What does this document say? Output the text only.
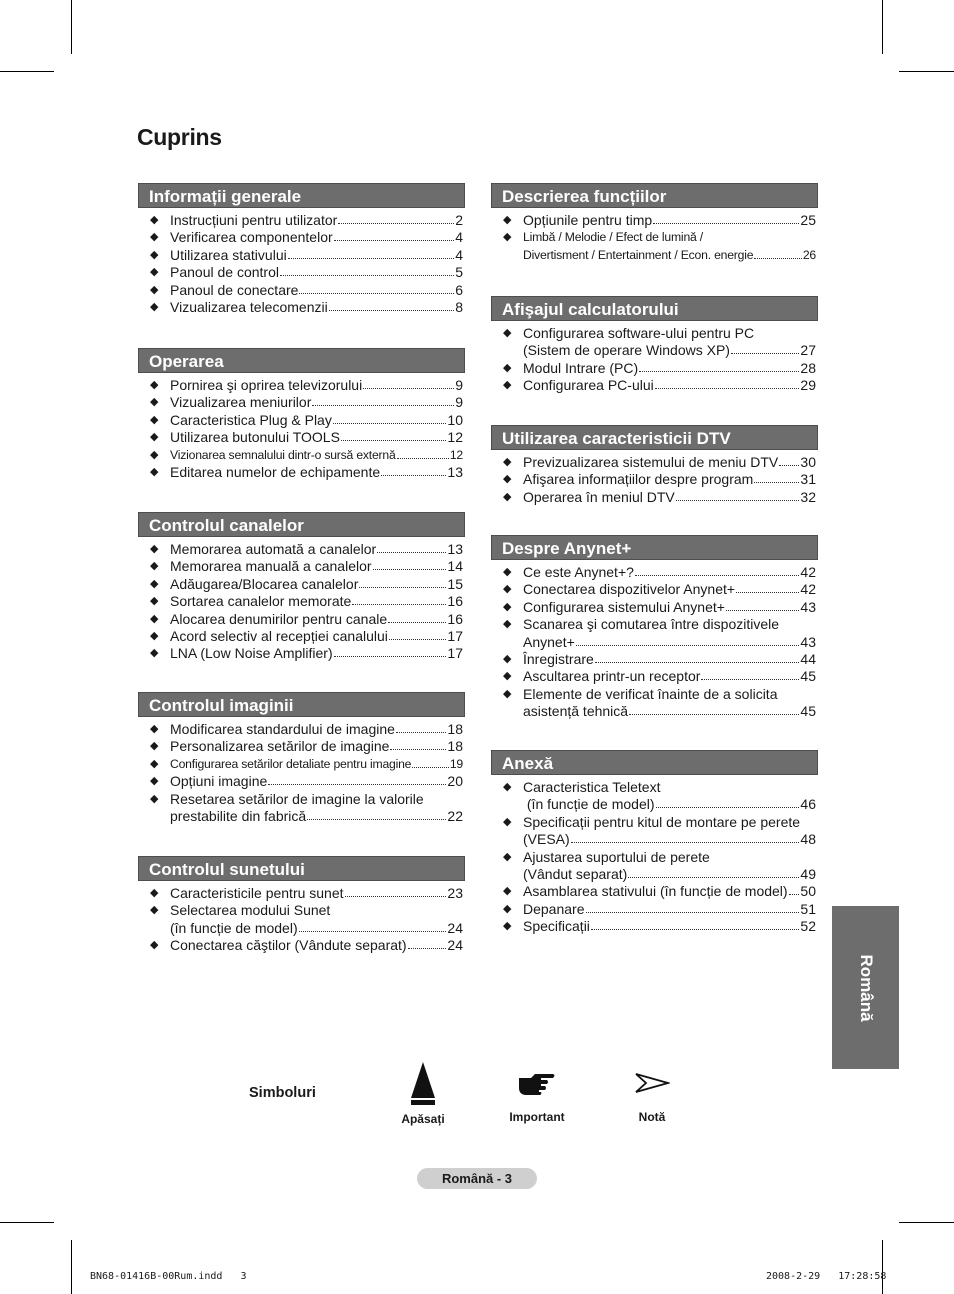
Cuprins
Informații generale
◆ Instrucțiuni pentru utilizator	2
◆ Verificarea componentelor	4
◆ Utilizarea stativului	4
◆ Panoul de control	5
◆ Panoul de conectare	6
◆ Vizualizarea telecomenzii	8
Operarea
◆ Pornirea şi oprirea televizorului	9
◆ Vizualizarea meniurilor	9
◆ Caracteristica Plug & Play	10
◆ Utilizarea butonului TOOLS	12
◆ Vizionarea semnalului dintr-o sursă externă	12
◆ Editarea numelor de echipamente	13
Controlul canalelor
◆ Memorarea automată a canalelor	13
◆ Memorarea manuală a canalelor	14
◆ Adăugarea/Blocarea canalelor	15
◆ Sortarea canalelor memorate	16
◆ Alocarea denumirilor pentru canale	16
◆ Acord selectiv al recepției canalului	17
◆ LNA (Low Noise Amplifier)	17
Controlul imaginii
◆ Modificarea standardului de imagine	18
◆ Personalizarea setărilor de imagine	18
◆ Configurarea setărilor detaliate pentru imagine	19
◆ Opțiuni imagine	20
◆ Resetarea setărilor de imagine la valorile
prestabilite din fabrică	22
Controlul sunetului
◆ Caracteristicile pentru sunet	23
◆ Selectarea modului Sunet
(în funcție de model)	24
◆ Conectarea căştilor (Vândute separat)	24
Descrierea funcțiilor
◆ Opțiunile pentru timp	25
◆ Limbă / Melodie / Efect de lumină /
Divertisment / Entertainment / Econ. energie	26
Afişajul calculatorului
◆ Configurarea software-ului pentru PC
(Sistem de operare Windows XP)	27
◆ Modul Intrare (PC)	28
◆ Configurarea PC-ului	29
Utilizarea caracteristicii DTV
◆ Previzualizarea sistemului de meniu DTV 30
◆ Afişarea informațiilor despre program	31
◆ Operarea în meniul DTV	32
Despre Anynet+
◆ Ce este Anynet+?	42
◆ Conectarea dispozitivelor Anynet+	42
◆ Configurarea sistemului Anynet+	43
◆ Scanarea şi comutarea între dispozitivele
Anynet+	43
◆ Înregistrare	44
◆ Ascultarea printr-un receptor	45
◆ Elemente de verificat înainte de a solicita
asistență tehnică	45
Anexă
◆ Caracteristica Teletext
(în funcție de model)	46
◆ Specificații pentru kitul de montare pe perete
(VESA)	48
◆ Ajustarea suportului de perete
(Vândut separat)	49
◆ Asamblarea stativului (în funcție de model) 50
◆ Depanare	51
◆ Specificații	52
Română
Simboluri
Apăsați	Important	Notă
Română - 3
BN68-01416B-00Rum.indd   3	2008-2-29   17:28:58
